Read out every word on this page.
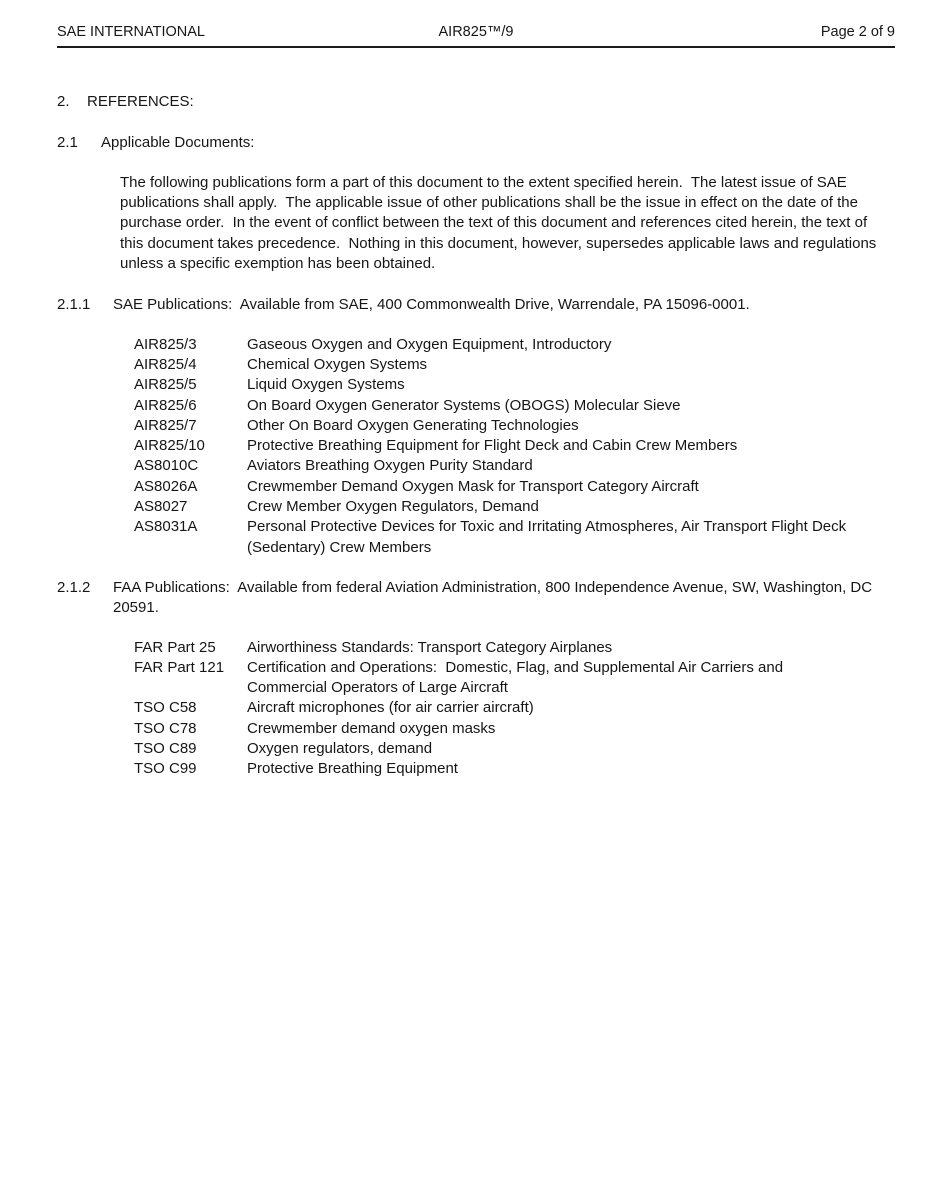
SAE INTERNATIONAL	AIR825™/9	Page 2 of 9
2.	REFERENCES:
2.1	Applicable Documents:

The following publications form a part of this document to the extent specified herein.  The latest issue of SAE publications shall apply.  The applicable issue of other publications shall be the issue in effect on the date of the purchase order.  In the event of conflict between the text of this document and references cited herein, the text of this document takes precedence.  Nothing in this document, however, supersedes applicable laws and regulations unless a specific exemption has been obtained.

2.1.1	SAE Publications:  Available from SAE, 400 Commonwealth Drive, Warrendale, PA 15096-0001.
AIR825/3	Gaseous Oxygen and Oxygen Equipment, Introductory
AIR825/4	Chemical Oxygen Systems
AIR825/5	Liquid Oxygen Systems
AIR825/6	On Board Oxygen Generator Systems (OBOGS) Molecular Sieve
AIR825/7	Other On Board Oxygen Generating Technologies
AIR825/10	Protective Breathing Equipment for Flight Deck and Cabin Crew Members
AS8010C	Aviators Breathing Oxygen Purity Standard
AS8026A	Crewmember Demand Oxygen Mask for Transport Category Aircraft
AS8027	Crew Member Oxygen Regulators, Demand
AS8031A	Personal Protective Devices for Toxic and Irritating Atmospheres, Air Transport Flight Deck (Sedentary) Crew Members
2.1.2	FAA Publications:  Available from federal Aviation Administration, 800 Independence Avenue, SW, Washington, DC 20591.
FAR Part 25	Airworthiness Standards: Transport Category Airplanes
FAR Part 121	Certification and Operations:  Domestic, Flag, and Supplemental Air Carriers and Commercial Operators of Large Aircraft
TSO C58	Aircraft microphones (for air carrier aircraft)
TSO C78	Crewmember demand oxygen masks
TSO C89	Oxygen regulators, demand
TSO C99	Protective Breathing Equipment
